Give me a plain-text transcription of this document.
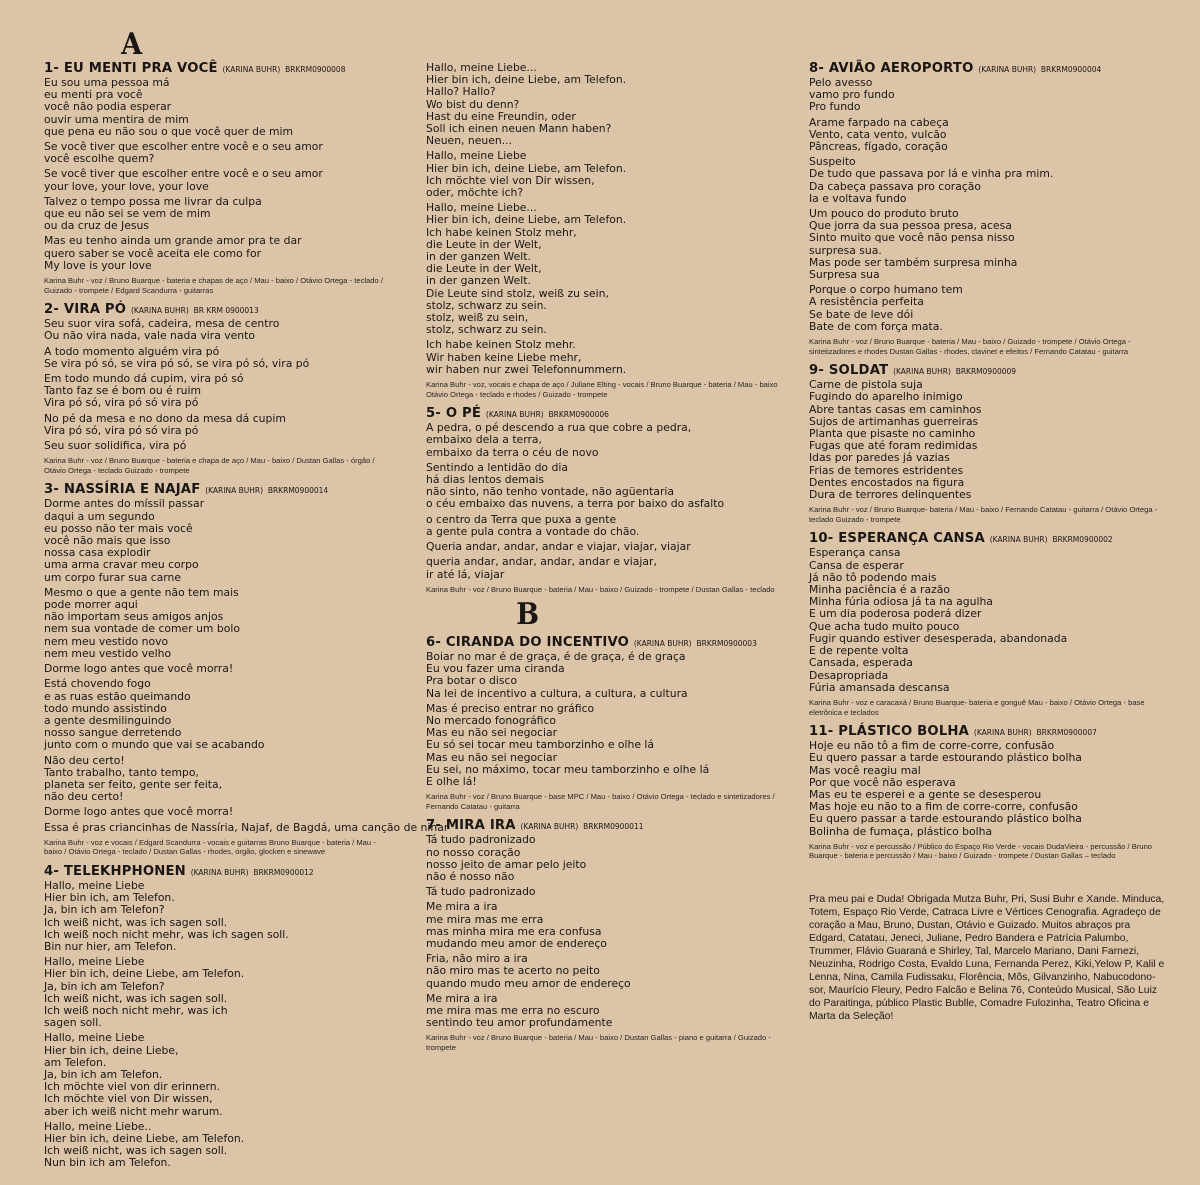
A
B
1- EU MENTI PRA VOCÊ (KARINA BUHR) BRKRM0900008
Eu sou uma pessoa má
eu menti pra você
você não podia esperar
ouvir uma mentira de mim
que pena eu não sou o que você quer de mim
Se você tiver que escolher entre você e o seu amor
você escolhe quem?
Se você tiver que escolher entre você e o seu amor
your love, your love, your love
Talvez o tempo possa me livrar da culpa
que eu não sei se vem de mim
ou da cruz de Jesus
Mas eu tenho ainda um grande amor pra te dar
quero saber se você aceita ele como for
My love is your love
Karina Buhr - voz / Bruno Buarque - bateria e chapas de aço / Mau - baixo / Otávio Ortega - teclado / Guizado - trompete / Edgard Scandurra - guitarras
2- VIRA PÓ (KARINA BUHR) BR KRM 0900013
Seu suor vira sofá, cadeira, mesa de centro
Ou não vira nada, vale nada vira vento
A todo momento alguém vira pó
Se vira pó só, se vira pó só, se vira pó só, vira pó
Em todo mundo dá cupim, vira pó só
Tanto faz se é bom ou é ruim
Vira pó só, vira pó só vira pó
No pé da mesa e no dono da mesa dá cupim
Vira pó só, vira pó só vira pó
Seu suor solidifica, vira pó
Karina Buhr - voz / Bruno Buarque - bateria e chapa de aço / Mau - baixo / Dustan Gallas - órgão / Otávio Ortega - teclado Guizado - trompete
3- NASSÍRIA E NAJAF (KARINA BUHR) BRKRM0900014
Dorme antes do míssil passar
daqui a um segundo
eu posso não ter mais você
você não mais que isso
nossa casa explodir
uma arma cravar meu corpo
um corpo furar sua carne
Mesmo o que a gente não tem mais
pode morrer aqui
não importam seus amigos anjos
nem sua vontade de comer um bolo
nem meu vestido novo
nem meu vestido velho
Dorme logo antes que você morra!
Está chovendo fogo
e as ruas estão queimando
todo mundo assistindo
a gente desmilinguindo
nosso sangue derretendo
junto com o mundo que vai se acabando
Não deu certo!
Tanto trabalho, tanto tempo,
planeta ser feito, gente ser feita,
não deu certo!
Dorme logo antes que você morra!
Essa é pras criancinhas de Nassíria, Najaf, de Bagdá, uma canção de ninar
Karina Buhr - voz e vocais / Edgard Scandurra - vocais e guitarras Bruno Buarque - bateria / Mau - baixo / Otávio Ortega - teclado / Dustan Gallas - rhodes, órgão, glocken e sinewave
4- TELEKHPHONEN (KARINA BUHR) BRKRM0900012
Hallo, meine Liebe
Hier bin ich, am Telefon.
Ja, bin ich am Telefon?
Ich weiß nicht, was ich sagen soll.
Ich weiß noch nicht mehr, was ich sagen soll.
Bin nur hier, am Telefon.
Hallo, meine Liebe
Hier bin ich, deine Liebe, am Telefon.
Ja, bin ich am Telefon?
Ich weiß nicht, was ich sagen soll.
Ich weiß noch nicht mehr, was ich
sagen soll.
Hallo, meine Liebe
Hier bin ich, deine Liebe,
am Telefon.
Ja, bin ich am Telefon.
Ich möchte viel von dir erinnern.
Ich möchte viel von Dir wissen,
aber ich weiß nicht mehr warum.
Hallo, meine Liebe..
Hier bin ich, deine Liebe, am Telefon.
Ich weiß nicht, was ich sagen soll.
Nun bin ich am Telefon.
Hallo, meine Liebe...
Hier bin ich, deine Liebe, am Telefon.
Hallo? Hallo?
Wo bist du denn?
Hast du eine Freundin, oder
Soll ich einen neuen Mann haben?
Neuen, neuen...
Hallo, meine Liebe
Hier bin ich, deine Liebe, am Telefon.
Ich möchte viel von Dir wissen,
oder, möchte ich?
Hallo, meine Liebe...
Hier bin ich, deine Liebe, am Telefon.
Ich habe keinen Stolz mehr,
die Leute in der Welt,
in der ganzen Welt.
die Leute in der Welt,
in der ganzen Welt.
Die Leute sind stolz, weiß zu sein,
stolz, schwarz zu sein.
stolz, weiß zu sein,
stolz, schwarz zu sein.
Ich habe keinen Stolz mehr.
Wir haben keine Liebe mehr,
wir haben nur zwei Telefonnummern.
Karina Buhr - voz, vocais e chapa de aço / Juliane Elting - vocais / Bruno Buarque - bateria / Mau - baixo Otávio Ortega - teclado e rhodes / Guizado - trompete
5- O PÉ (KARINA BUHR) BRKRM0900006
A pedra, o pé descendo a rua que cobre a pedra,
embaixo dela a terra,
embaixo da terra o céu de novo
Sentindo a lentidão do dia
há dias lentos demais
não sinto, não tenho vontade, não agüentaria
o céu embaixo das nuvens, a terra por baixo do asfalto
o centro da Terra que puxa a gente
a gente pula contra a vontade do chão.
Queria andar, andar, andar e viajar, viajar, viajar
queria andar, andar, andar, andar e viajar,
ir até lá, viajar
Karina Buhr - voz / Bruno Buarque - bateria / Mau - baixo / Guizado - trompete / Dustan Gallas - teclado
6- CIRANDA DO INCENTIVO (KARINA BUHR) BRKRM0900003
Boiar no mar é de graça, é de graça, é de graça
Eu vou fazer uma ciranda
Pra botar o disco
Na lei de incentivo a cultura, a cultura, a cultura
Mas é preciso entrar no gráfico
No mercado fonográfico
Mas eu não sei negociar
Eu só sei tocar meu tamborzinho e olhe lá
Mas eu não sei negociar
Eu sei, no máximo, tocar meu tamborzinho e olhe lá
E olhe lá!
Karina Buhr - voz / Bruno Buarque - base MPC / Mau - baixo / Otávio Ortega - teclado e sintetizadores / Fernando Catatau - guitarra
7- MIRA IRA (KARINA BUHR) BRKRM0900011
Tá tudo padronizado
no nosso coração
nosso jeito de amar pelo jeito
não é nosso não
Tá tudo padronizado
Me mira a ira
me mira mas me erra
mas minha mira me era confusa
mudando meu amor de endereço
Fria, não miro a ira
não miro mas te acerto no peito
quando mudo meu amor de endereço
Me mira a ira
me mira mas me erra no escuro
sentindo teu amor profundamente
Karina Buhr - voz / Bruno Buarque - bateria / Mau - baixo / Dustan Gallas - piano e guitarra / Guizado - trompete
8- AVIÃO AEROPORTO (KARINA BUHR) BRKRM0900004
Pelo avesso
vamo pro fundo
Pro fundo
Arame farpado na cabeça
Vento, cata vento, vulcão
Pâncreas, fígado, coração
Suspeito
De tudo que passava por lá e vinha pra mim.
Da cabeça passava pro coração
Ia e voltava fundo
Um pouco do produto bruto
Que jorra da sua pessoa presa, acesa
Sinto muito que você não pensa nisso
surpresa sua.
Mas pode ser também surpresa minha
Surpresa sua
Porque o corpo humano tem
A resistência perfeita
Se bate de leve dói
Bate de com força mata.
Karina Buhr - voz / Bruno Buarque - bateria / Mau - baixo / Guizado - trompete / Otávio Ortega - sintetizadores e rhodes Dustan Gallas - rhodes, clavinet e efeitos / Fernando Catatau - guitarra
9- SOLDAT (KARINA BUHR) BRKRM0900009
Carne de pistola suja
Fugindo do aparelho inimigo
Abre tantas casas em caminhos
Sujos de artimanhas guerreiras
Planta que pisaste no caminho
Fugas que até foram redimidas
Idas por paredes já vazias
Frias de temores estridentes
Dentes encostados na figura
Dura de terrores delinquentes
Karina Buhr - voz / Bruno Buarque- bateria / Mau - baixo / Fernando Catatau - guitarra / Otávio Ortega - teclado Guizado - trompete
10- ESPERANÇA CANSA (KARINA BUHR) BRKRM0900002
Esperança cansa
Cansa de esperar
Já não tô podendo mais
Minha paciência é a razão
Minha fúria odiosa já ta na agulha
E um dia poderosa poderá dizer
Que acha tudo muito pouco
Fugir quando estiver desesperada, abandonada
E de repente volta
Cansada, esperada
Desapropriada
Fúria amansada descansa
Karina Buhr - voz e caracaxá / Bruno Buarque- bateria e gonguê Mau - baixo / Otávio Ortega - base eletrônica e teclados
11- PLÁSTICO BOLHA (KARINA BUHR) BRKRM0900007
Hoje eu não tô a fim de corre-corre, confusão
Eu quero passar a tarde estourando plástico bolha
Mas você reagiu mal
Por que você não esperava
Mas eu te esperei e a gente se desesperou
Mas hoje eu não to a fim de corre-corre, confusão
Eu quero passar a tarde estourando plástico bolha
Bolinha de fumaça, plástico bolha
Karina Buhr - voz e percussão / Público do Espaço Rio Verde - vocais DudaVieira - percussão / Bruno Buarque - bateria e percussão / Mau - baixo / Guizado - trompete / Dustan Gallas – teclado
Pra meu pai e Duda! Obrigada Mutza Buhr, Pri, Susi Buhr e Xande. Minduca, Totem, Espaço Rio Verde, Catraca Livre e Vértices Cenografia. Agradeço de coração a Mau, Bruno, Dustan, Otávio e Guizado. Muitos abraços pra Edgard, Catatau, Jeneci, Juliane, Pedro Bandera e Patrícia Palumbo, Trummer, Flávio Guaraná e Shirley, Tal, Marcelo Mariano, Dani Farnezi, Neuzinha, Rodrigo Costa, Evaldo Luna, Fernanda Perez, Kiki,Yelow P, Kalil e Lenna, Nina, Camila Fudissaku, Florência, Mõs, Gilvanzinho, Nabucodono-sor, Maurício Fleury, Pedro Falcão e Belina 76, Conteúdo Musical, São Luiz do Paraitinga, público Plastic Bublle, Comadre Fulozinha, Teatro Oficina e Marta da Seleção!
